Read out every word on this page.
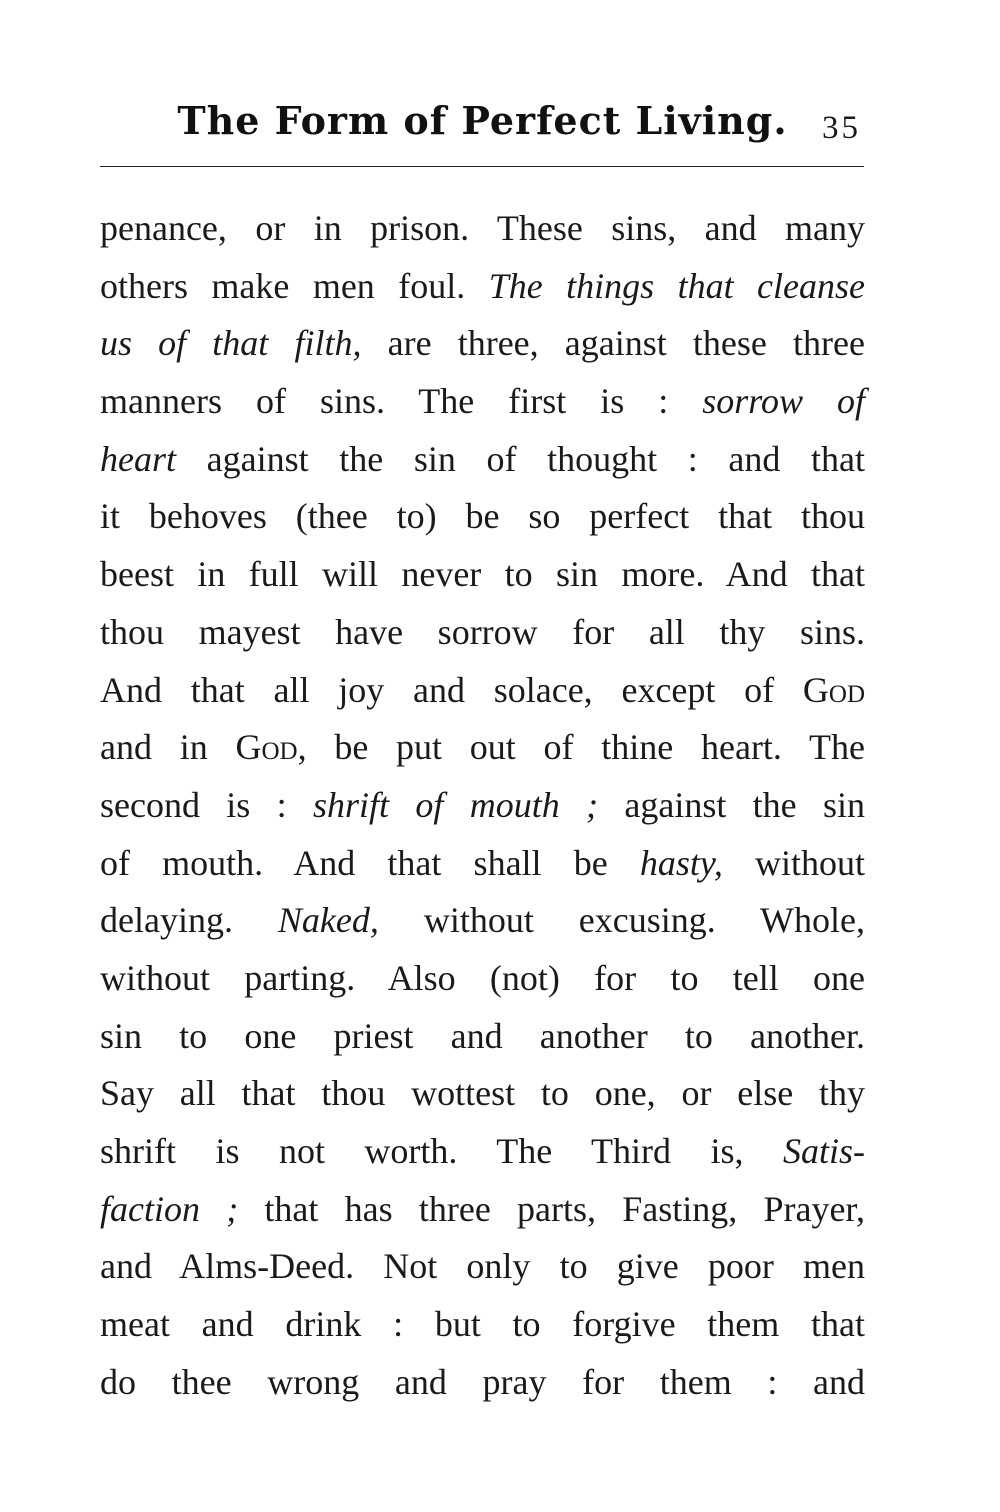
The Form of Perfect Living.	35
penance, or in prison. These sins, and many
others make men foul. The things that cleanse
us of that filth, are three, against these three
manners of sins. The first is : sorrow of
heart against the sin of thought : and that
it behoves (thee to) be so perfect that thou
beest in full will never to sin more. And that
thou mayest have sorrow for all thy sins.
And that all joy and solace, except of God
and in God, be put out of thine heart. The
second is : shrift of mouth ; against the sin
of mouth. And that shall be hasty, without
delaying. Naked, without excusing. Whole,
without parting. Also (not) for to tell one
sin to one priest and another to another.
Say all that thou wottest to one, or else thy
shrift is not worth. The Third is, Satis-
faction ; that has three parts, Fasting, Prayer,
and Alms-Deed. Not only to give poor men
meat and drink : but to forgive them that
do thee wrong and pray for them : and
